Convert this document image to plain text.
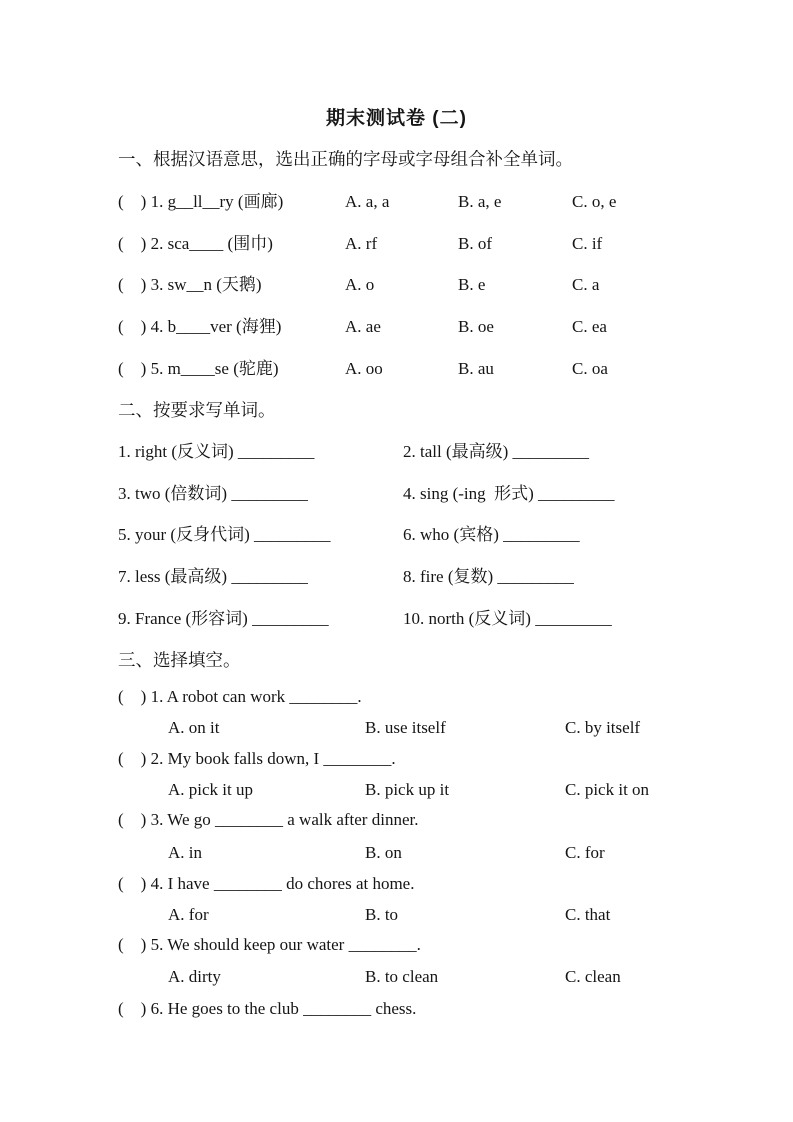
期末测试卷 (二)
一、根据汉语意思，选出正确的字母或字母组合补全单词。
(    ) 1. g__ll__ry (画廊)	A. a, a	B. a, e	C. o, e
(    ) 2. sca____ (围巾)	A. rf	B. of	C. if
(    ) 3. sw__n (天鹅)	A. o	B. e	C. a
(    ) 4. b____ver (海狸)	A. ae	B. oe	C. ea
(    ) 5. m____se (驼鹿)	A. oo	B. au	C. oa
二、按要求写单词。
1. right (反义词) _________	2. tall (最高级) _________
3. two (倍数词) _________	4. sing (-ing  形式) _________
5. your (反身代词) _________	6. who (宾格) _________
7. less (最高级) _________	8. fire (复数) _________
9. France (形容词) _________	10. north (反义词) _________
三、选择填空。
(    ) 1. A robot can work ________.
A. on it	B. use itself	C. by itself
(    ) 2. My book falls down, I ________.
A. pick it up	B. pick up it	C. pick it on
(    ) 3. We go ________ a walk after dinner.
A. in	B. on	C. for
(    ) 4. I have ________ do chores at home.
A. for	B. to	C. that
(    ) 5. We should keep our water ________.
A. dirty	B. to clean	C. clean
(    ) 6. He goes to the club ________ chess.
